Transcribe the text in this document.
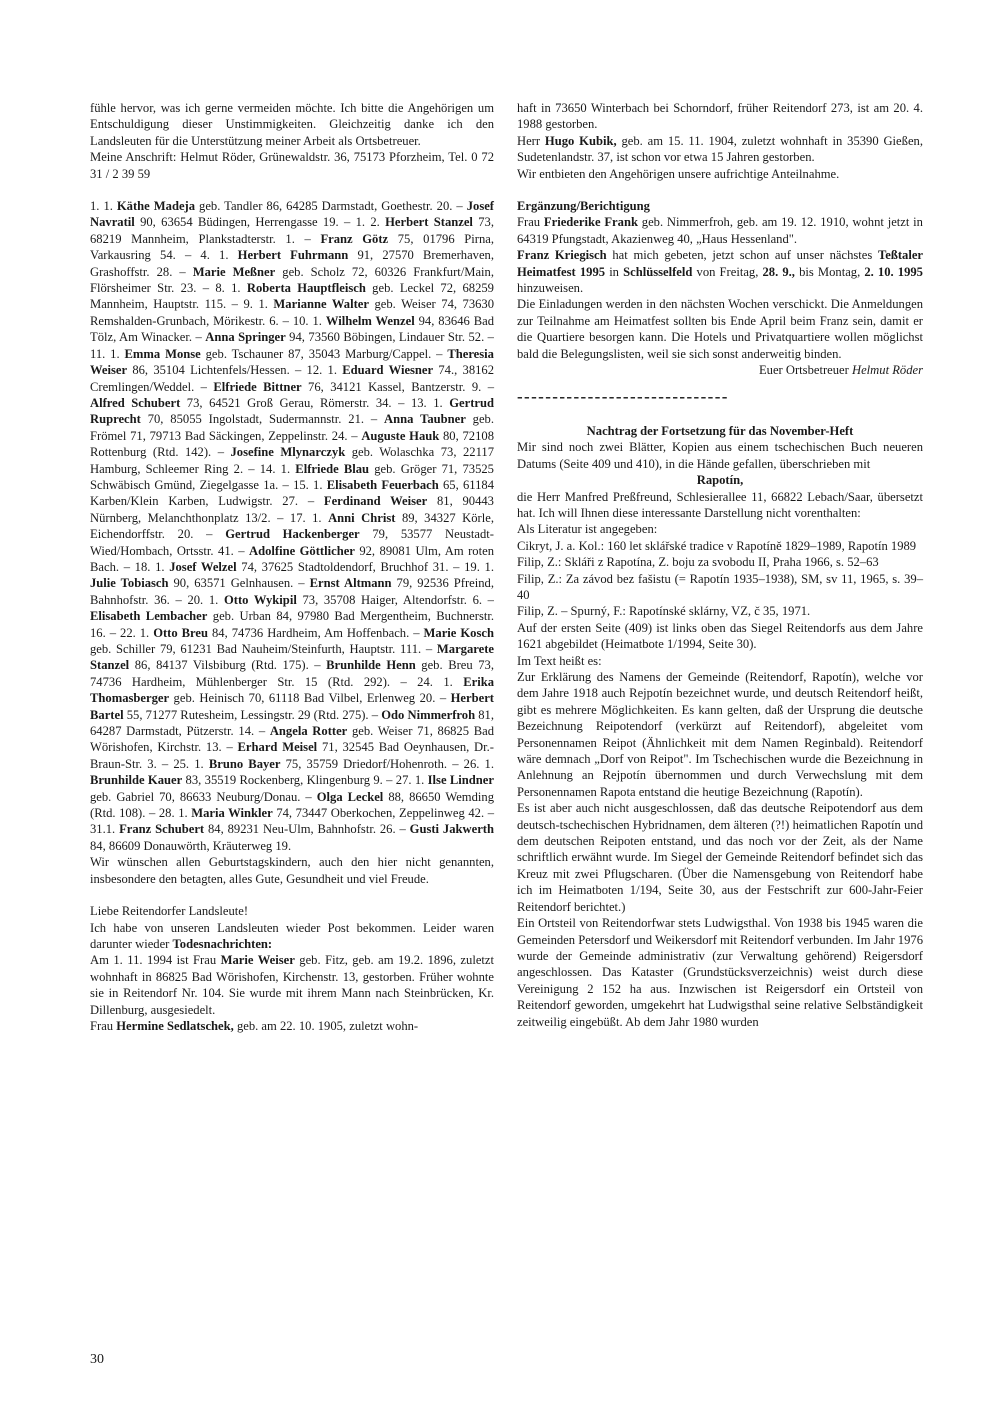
fühle hervor, was ich gerne vermeiden möchte. Ich bitte die Angehörigen um Entschuldigung dieser Unstimmigkeiten. Gleichzeitig danke ich den Landsleuten für die Unterstützung meiner Arbeit als Ortsbetreuer.

Meine Anschrift: Helmut Röder, Grünewaldstr. 36, 75173 Pforzheim, Tel. 0 72 31 / 2 39 59

1. 1. Käthe Madeja geb. Tandler 86, 64285 Darmstadt, Goethestr. 20. – Josef Navratil 90, 63654 Büdingen, Herrengasse 19. – 1. 2. Herbert Stanzel 73, 68219 Mannheim, Plankstadterstr. 1. – Franz Götz 75, 01796 Pirna, Varkausring 54. – 4. 1. Herbert Fuhrmann 91, 27570 Bremerhaven, Grashoffstr. 28. – Marie Meßner geb. Scholz 72, 60326 Frankfurt/Main, Flörsheimer Str. 23. – 8. 1. Roberta Hauptfleisch geb. Leckel 72, 68259 Mannheim, Hauptstr. 115. – 9. 1. Marianne Walter geb. Weiser 74, 73630 Remshalden-Grunbach, Mörikestr. 6. – 10. 1. Wilhelm Wenzel 94, 83646 Bad Tölz, Am Winacker. – Anna Springer 94, 73560 Böbingen, Lindauer Str. 52. – 11. 1. Emma Monse geb. Tschauner 87, 35043 Marburg/Cappel. – Theresia Weiser 86, 35104 Lichtenfels/Hessen. – 12. 1. Eduard Wiesner 74., 38162 Cremlingen/Weddel. – Elfriede Bittner 76, 34121 Kassel, Bantzerstr. 9. – Alfred Schubert 73, 64521 Groß Gerau, Römerstr. 34. – 13. 1. Gertrud Ruprecht 70, 85055 Ingolstadt, Sudermannstr. 21. – Anna Taubner geb. Frömel 71, 79713 Bad Säckingen, Zeppelinstr. 24. – Auguste Hauk 80, 72108 Rottenburg (Rtd. 142). – Josefine Mlynarczyk geb. Wolaschka 73, 22117 Hamburg, Schleemer Ring 2. – 14. 1. Elfriede Blau geb. Gröger 71, 73525 Schwäbisch Gmünd, Ziegelgasse 1a. – 15. 1. Elisabeth Feuerbach 65, 61184 Karben/Klein Karben, Ludwigstr. 27. – Ferdinand Weiser 81, 90443 Nürnberg, Melanchthonplatz 13/2. – 17. 1. Anni Christ 89, 34327 Körle, Eichendorffstr. 20. – Gertrud Hackenberger 79, 53577 Neustadt-Wied/Hombach, Ortsstr. 41. – Adolfine Göttlicher 92, 89081 Ulm, Am roten Bach. – 18. 1. Josef Welzel 74, 37625 Stadtoldendorf, Bruchhof 31. – 19. 1. Julie Tobiasch 90, 63571 Gelnhausen. – Ernst Altmann 79, 92536 Pfreind, Bahnhofstr. 36. – 20. 1. Otto Wykipil 73, 35708 Haiger, Altendorfstr. 6. – Elisabeth Lembacher geb. Urban 84, 97980 Bad Mergentheim, Buchnerstr. 16. – 22. 1. Otto Breu 84, 74736 Hardheim, Am Hoffenbach. – Marie Kosch geb. Schiller 79, 61231 Bad Nauheim/Steinfurth, Hauptstr. 111. – Margarete Stanzel 86, 84137 Vilsbiburg (Rtd. 175). – Brunhilde Henn geb. Breu 73, 74736 Hardheim, Mühlenberger Str. 15 (Rtd. 292). – 24. 1. Erika Thomasberger geb. Heinisch 70, 61118 Bad Vilbel, Erlenweg 20. – Herbert Bartel 55, 71277 Rutesheim, Lessingstr. 29 (Rtd. 275). – Odo Nimmerfroh 81, 64287 Darmstadt, Pützerstr. 14. – Angela Rotter geb. Weiser 71, 86825 Bad Wörishofen, Kirchstr. 13. – Erhard Meisel 71, 32545 Bad Oeynhausen, Dr.-Braun-Str. 3. – 25. 1. Bruno Bayer 75, 35759 Driedorf/Hohenroth. – 26. 1. Brunhilde Kauer 83, 35519 Rockenberg, Klingenburg 9. – 27. 1. Ilse Lindner geb. Gabriel 70, 86633 Neuburg/Donau. – Olga Leckel 88, 86650 Wemding (Rtd. 108). – 28. 1. Maria Winkler 74, 73447 Oberkochen, Zeppelinweg 42. – 31.1. Franz Schubert 84, 89231 Neu-Ulm, Bahnhofstr. 26. – Gusti Jakwerth 84, 86609 Donauwörth, Kräuterweg 19.

Wir wünschen allen Geburtstagskindern, auch den hier nicht genannten, insbesondere den betagten, alles Gute, Gesundheit und viel Freude.

Liebe Reitendorfer Landsleute!

Ich habe von unseren Landsleuten wieder Post bekommen. Leider waren darunter wieder Todesnachrichten:

Am 1. 11. 1994 ist Frau Marie Weiser geb. Fitz, geb. am 19.2. 1896, zuletzt wohnhaft in 86825 Bad Wörishofen, Kirchenstr. 13, gestorben. Früher wohnte sie in Reitendorf Nr. 104. Sie wurde mit ihrem Mann nach Steinbrücken, Kr. Dillenburg, ausgesiedelt.

Frau Hermine Sedlatschek, geb. am 22. 10. 1905, zuletzt wohn-

haft in 73650 Winterbach bei Schorndorf, früher Reitendorf 273, ist am 20. 4. 1988 gestorben.

Herr Hugo Kubik, geb. am 15. 11. 1904, zuletzt wohnhaft in 35390 Gießen, Sudetenlandstr. 37, ist schon vor etwa 15 Jahren gestorben.

Wir entbieten den Angehörigen unsere aufrichtige Anteilnahme.

Ergänzung/Berichtigung

Frau Friederike Frank geb. Nimmerfroh, geb. am 19. 12. 1910, wohnt jetzt in 64319 Pfungstadt, Akazienweg 40, „Haus Hessenland".

Franz Kriegisch hat mich gebeten, jetzt schon auf unser nächstes Teßtaler Heimatfest 1995 in Schlüsselfeld von Freitag, 28. 9., bis Montag, 2. 10. 1995 hinzuweisen.

Die Einladungen werden in den nächsten Wochen verschickt. Die Anmeldungen zur Teilnahme am Heimatfest sollten bis Ende April beim Franz sein, damit er die Quartiere besorgen kann. Die Hotels und Privatquartiere wollen möglichst bald die Belegungslisten, weil sie sich sonst anderweitig binden.

Euer Ortsbetreuer Helmut Röder

------------------------------

Nachtrag der Fortsetzung für das November-Heft

Mir sind noch zwei Blätter, Kopien aus einem tschechischen Buch neueren Datums (Seite 409 und 410), in die Hände gefallen, überschrieben mit

Rapotín,

die Herr Manfred Preßfreund, Schlesierallee 11, 66822 Lebach/Saar, übersetzt hat. Ich will Ihnen diese interessante Darstellung nicht vorenthalten:

Als Literatur ist angegeben:

Cikryt, J. a. Kol.: 160 let sklářské tradice v Rapotíně 1829–1989, Rapotín 1989

Filip, Z.: Skláři z Rapotína, Z. boju za svobodu II, Praha 1966, s. 52–63

Filip, Z.: Za závod bez fašistu (= Rapotín 1935–1938), SM, sv 11, 1965, s. 39–40

Filip, Z. – Spurný, F.: Rapotínské sklárny, VZ, č 35, 1971.

Auf der ersten Seite (409) ist links oben das Siegel Reitendorfs aus dem Jahre 1621 abgebildet (Heimatbote 1/1994, Seite 30).

Im Text heißt es:

Zur Erklärung des Namens der Gemeinde (Reitendorf, Rapotín), welche vor dem Jahre 1918 auch Rejpotín bezeichnet wurde, und deutsch Reitendorf heißt, gibt es mehrere Möglichkeiten. Es kann gelten, daß der Ursprung die deutsche Bezeichnung Reipotendorf (verkürzt auf Reitendorf), abgeleitet vom Personennamen Reipot (Ähnlichkeit mit dem Namen Reginbald). Reitendorf wäre demnach „Dorf von Reipot". Im Tschechischen wurde die Bezeichnung in Anlehnung an Rejpotín übernommen und durch Verwechslung mit dem Personennamen Rapota entstand die heutige Bezeichnung (Rapotín).

Es ist aber auch nicht ausgeschlossen, daß das deutsche Reipotendorf aus dem deutsch-tschechischen Hybridnamen, dem älteren (?!) heimatlichen Rapotín und dem deutschen Reipoten entstand, und das noch vor der Zeit, als der Name schriftlich erwähnt wurde. Im Siegel der Gemeinde Reitendorf befindet sich das Kreuz mit zwei Pflugscharen. (Über die Namensgebung von Reitendorf habe ich im Heimatboten 1/194, Seite 30, aus der Festschrift zur 600-Jahr-Feier Reitendorf berichtet.)

Ein Ortsteil von Reitendorfwar stets Ludwigsthal. Von 1938 bis 1945 waren die Gemeinden Petersdorf und Weikersdorf mit Reitendorf verbunden. Im Jahr 1976 wurde der Gemeinde administrativ (zur Verwaltung gehörend) Reigersdorf angeschlossen. Das Kataster (Grundstücksverzeichnis) weist durch diese Vereinigung 2 152 ha aus. Inzwischen ist Reigersdorf ein Ortsteil von Reitendorf geworden, umgekehrt hat Ludwigsthal seine relative Selbständigkeit zeitweilig eingebüßt. Ab dem Jahr 1980 wurden

30
